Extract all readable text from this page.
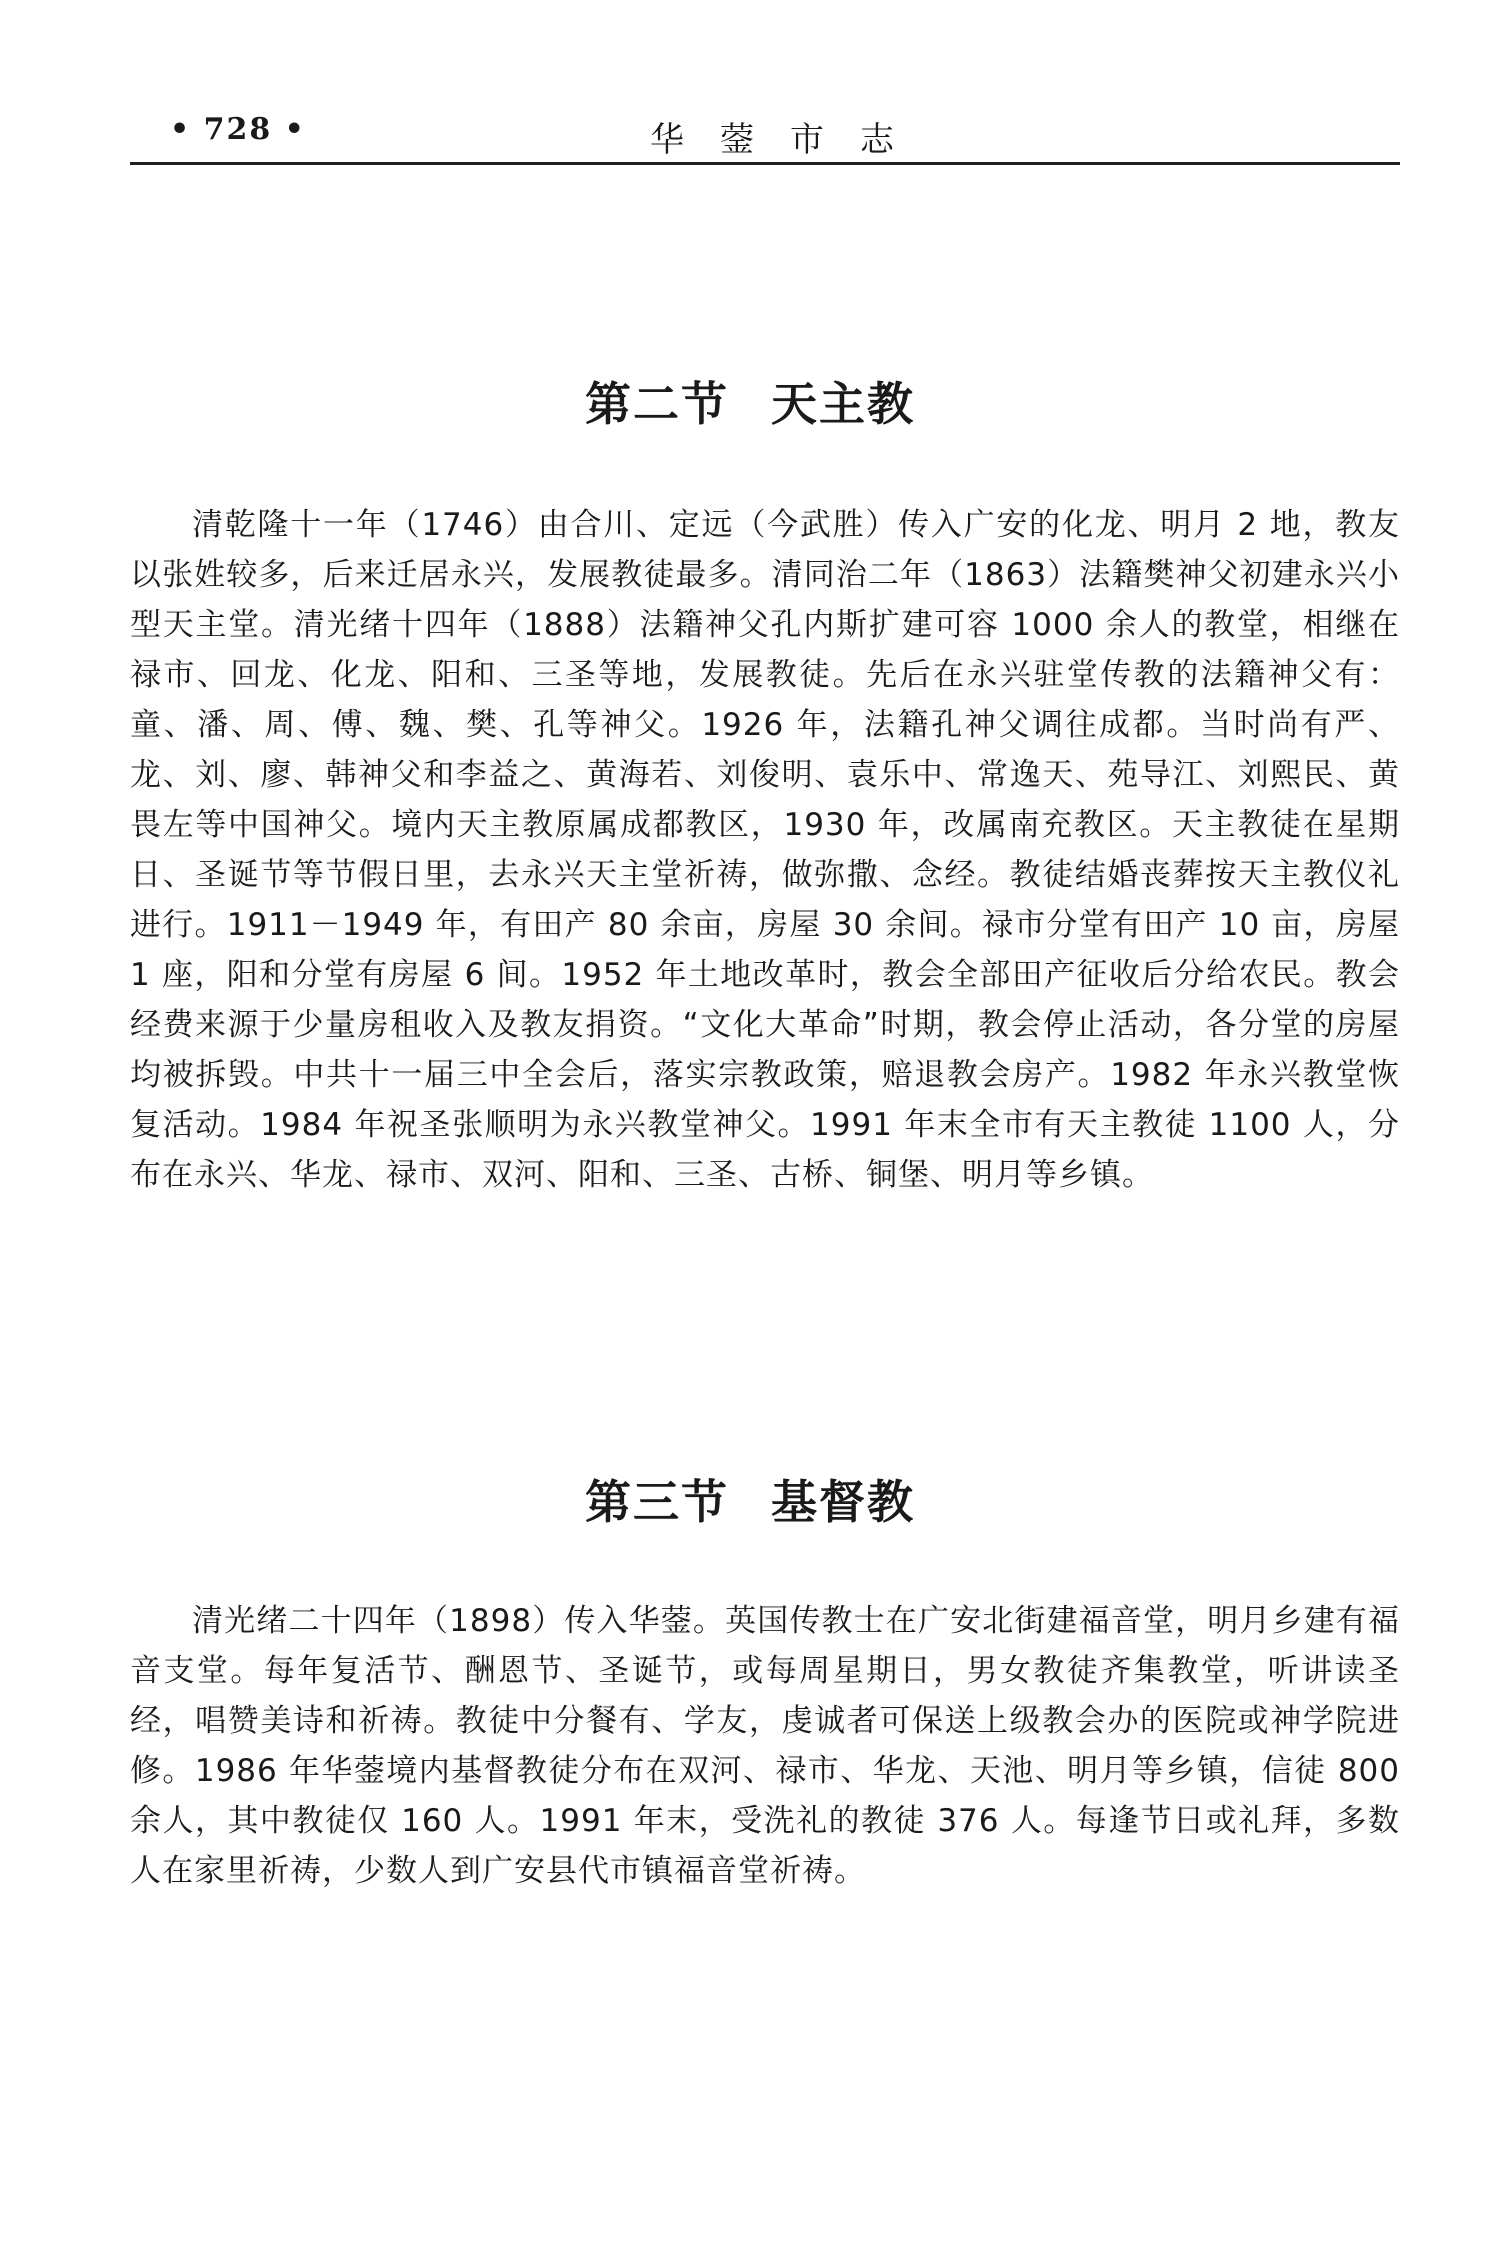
• 728 •	华蓥市志
第二节 天主教

清乾隆十一年（1746）由合川、定远（今武胜）传入广安的化龙、明月 2 地，教友以张姓较多，后来迁居永兴，发展教徒最多。清同治二年（1863）法籍樊神父初建永兴小型天主堂。清光绪十四年（1888）法籍神父孔内斯扩建可容 1000 余人的教堂，相继在禄市、回龙、化龙、阳和、三圣等地，发展教徒。先后在永兴驻堂传教的法籍神父有：童、潘、周、傅、魏、樊、孔等神父。1926 年，法籍孔神父调往成都。当时尚有严、龙、刘、廖、韩神父和李益之、黄海若、刘俊明、袁乐中、常逸天、苑导江、刘熙民、黄畏左等中国神父。境内天主教原属成都教区，1930 年，改属南充教区。天主教徒在星期日、圣诞节等节假日里，去永兴天主堂祈祷，做弥撒、念经。教徒结婚丧葬按天主教仪礼进行。1911－1949 年，有田产 80 余亩，房屋 30 余间。禄市分堂有田产 10 亩，房屋 1 座，阳和分堂有房屋 6 间。1952 年土地改革时，教会全部田产征收后分给农民。教会经费来源于少量房租收入及教友捐资。“文化大革命”时期，教会停止活动，各分堂的房屋均被拆毁。中共十一届三中全会后，落实宗教政策，赔退教会房产。1982 年永兴教堂恢复活动。1984 年祝圣张顺明为永兴教堂神父。1991 年末全市有天主教徒 1100 人，分布在永兴、华龙、禄市、双河、阳和、三圣、古桥、铜堡、明月等乡镇。

第三节 基督教

清光绪二十四年（1898）传入华蓥。英国传教士在广安北街建福音堂，明月乡建有福音支堂。每年复活节、酬恩节、圣诞节，或每周星期日，男女教徒齐集教堂，听讲读圣经，唱赞美诗和祈祷。教徒中分餐有、学友，虔诚者可保送上级教会办的医院或神学院进修。1986 年华蓥境内基督教徒分布在双河、禄市、华龙、天池、明月等乡镇，信徒 800 余人，其中教徒仅 160 人。1991 年末，受洗礼的教徒 376 人。每逢节日或礼拜，多数人在家里祈祷，少数人到广安县代市镇福音堂祈祷。
